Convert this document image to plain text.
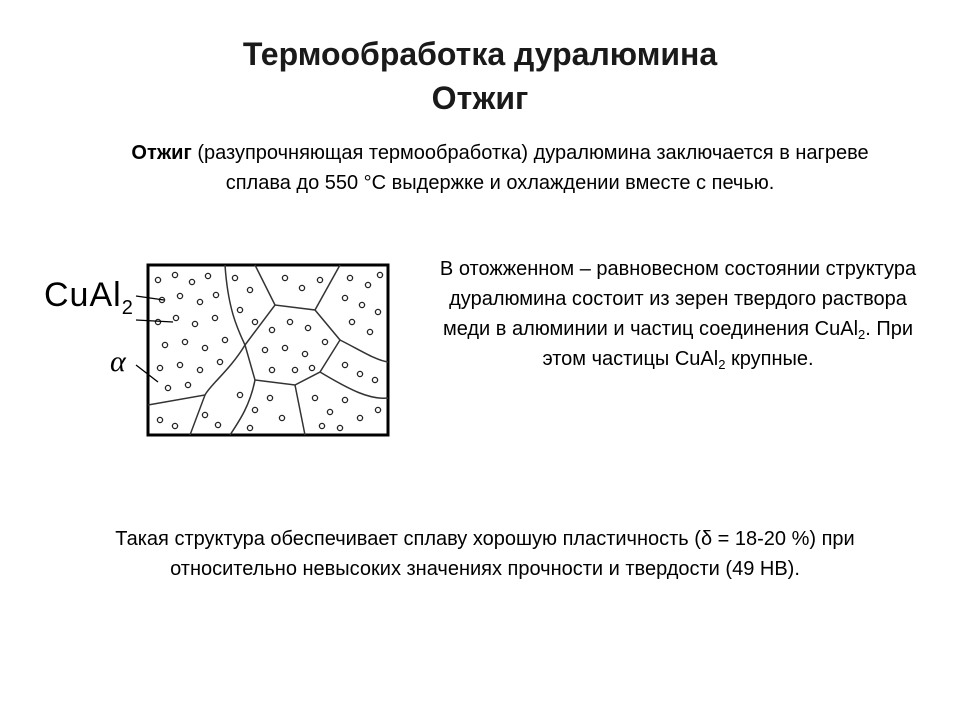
Термообработка дуралюмина
Отжиг

Отжиг (разупрочняющая термообработка) дуралюмина заключается в нагреве сплава до 550 °С выдержке и охлаждении вместе с печью.

CuAl$_2$
α

В отожженном – равновесном состоянии структура дуралюмина состоит из зерен твердого раствора меди в алюминии и частиц соединения CuAl$_2$. При этом частицы CuAl$_2$ крупные.

Такая структура обеспечивает сплаву хорошую пластичность (δ = 18-20 %) при относительно невысоких значениях прочности и твердости (49 НВ).
